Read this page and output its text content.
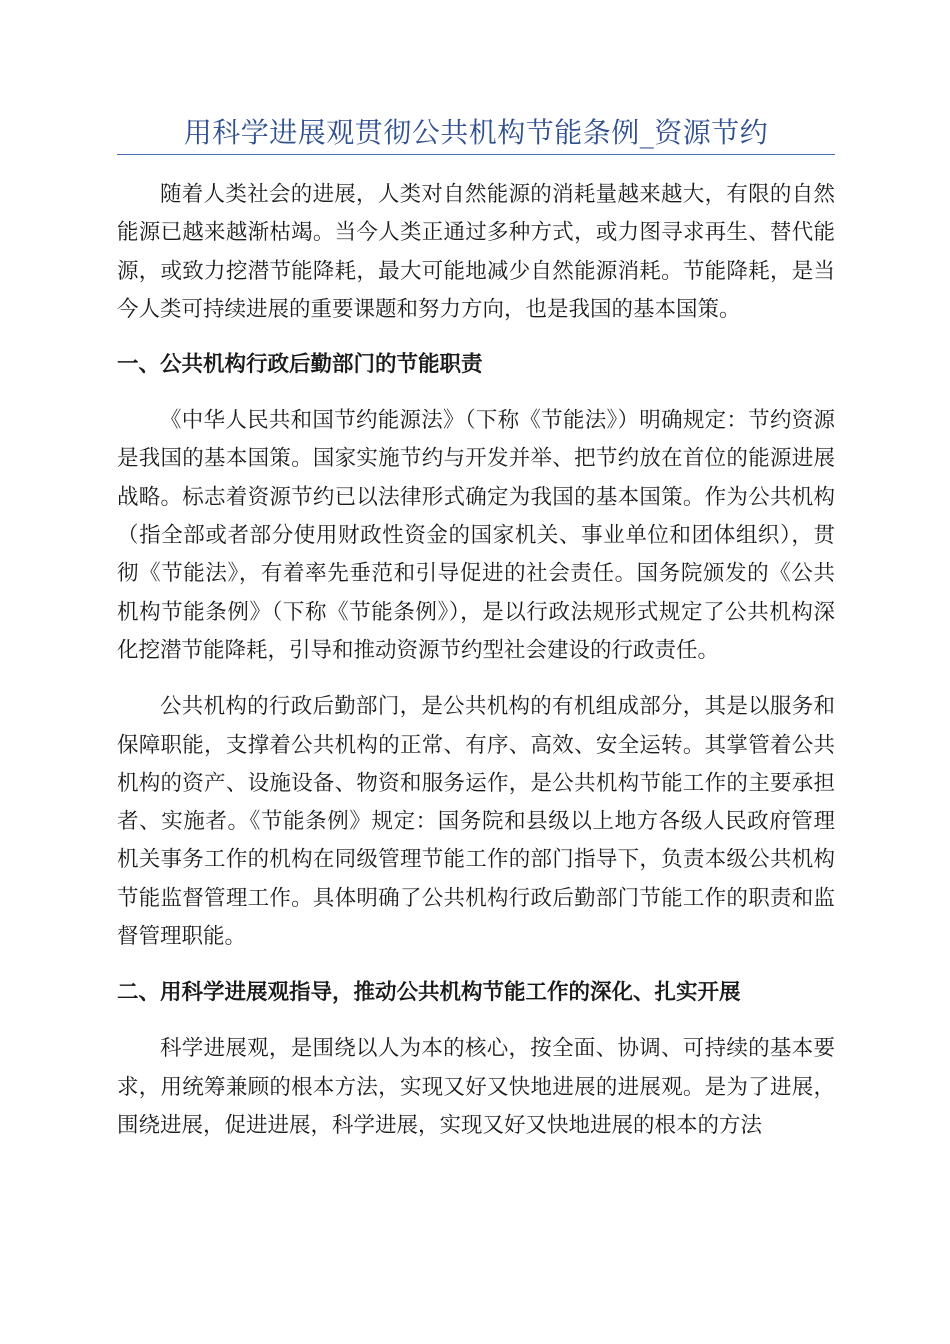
用科学进展观贯彻公共机构节能条例_资源节约

随着人类社会的进展，人类对自然能源的消耗量越来越大，有限的自然能源已越来越渐枯竭。当今人类正通过多种方式，或力图寻求再生、替代能源，或致力挖潜节能降耗，最大可能地减少自然能源消耗。节能降耗，是当今人类可持续进展的重要课题和努力方向，也是我国的基本国策。

一、公共机构行政后勤部门的节能职责

《中华人民共和国节约能源法》（下称《节能法》）明确规定：节约资源是我国的基本国策。国家实施节约与开发并举、把节约放在首位的能源进展战略。标志着资源节约已以法律形式确定为我国的基本国策。作为公共机构（指全部或者部分使用财政性资金的国家机关、事业单位和团体组织），贯彻《节能法》，有着率先垂范和引导促进的社会责任。国务院颁发的《公共机构节能条例》（下称《节能条例》），是以行政法规形式规定了公共机构深化挖潜节能降耗，引导和推动资源节约型社会建设的行政责任。

公共机构的行政后勤部门，是公共机构的有机组成部分，其是以服务和保障职能，支撑着公共机构的正常、有序、高效、安全运转。其掌管着公共机构的资产、设施设备、物资和服务运作，是公共机构节能工作的主要承担者、实施者。《节能条例》规定：国务院和县级以上地方各级人民政府管理机关事务工作的机构在同级管理节能工作的部门指导下，负责本级公共机构节能监督管理工作。具体明确了公共机构行政后勤部门节能工作的职责和监督管理职能。

二、用科学进展观指导，推动公共机构节能工作的深化、扎实开展

科学进展观，是围绕以人为本的核心，按全面、协调、可持续的基本要求，用统筹兼顾的根本方法，实现又好又快地进展的进展观。是为了进展，围绕进展，促进进展，科学进展，实现又好又快地进展的根本的方法
